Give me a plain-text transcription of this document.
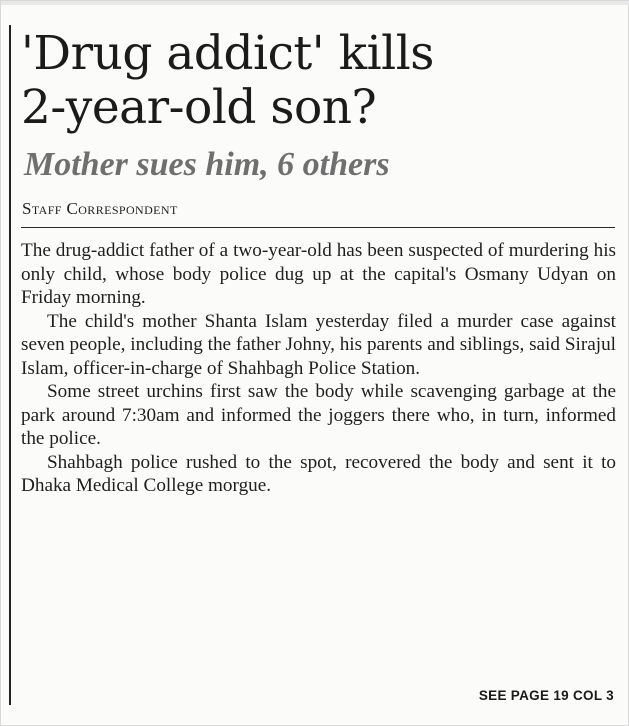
'Drug addict' kills
2-year-old son?
Mother sues him, 6 others
Staff Correspondent

The drug-addict father of a two-year-old has been suspected of murdering his only child, whose body police dug up at the capital's Osmany Udyan on Friday morning.

The child's mother Shanta Islam yesterday filed a murder case against seven people, including the father Johny, his parents and siblings, said Sirajul Islam, officer-in-charge of Shahbagh Police Station.

Some street urchins first saw the body while scavenging garbage at the park around 7:30am and informed the joggers there who, in turn, informed the police.

Shahbagh police rushed to the spot, recovered the body and sent it to Dhaka Medical College morgue.

SEE PAGE 19 COL 3
